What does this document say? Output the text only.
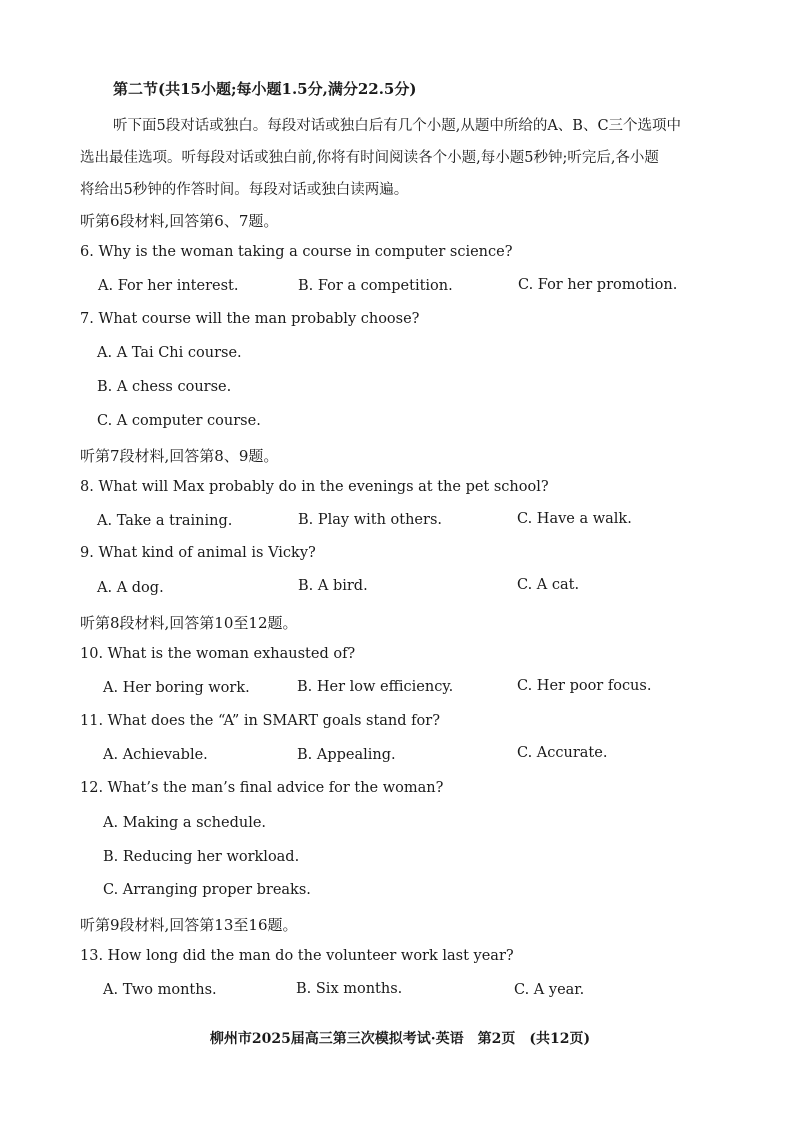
第二节(共15小题;每小题1.5分,满分22.5分)
听下面5段对话或独白。每段对话或独白后有几个小题,从题中所给的A、B、C三个选项中
选出最佳选项。听每段对话或独白前,你将有时间阅读各个小题,每小题5秒钟;听完后,各小题
将给出5秒钟的作答时间。每段对话或独白读两遍。
听第6段材料,回答第6、7题。
6. Why is the woman taking a course in computer science?
A. For her interest.	B. For a competition.	C. For her promotion.
7. What course will the man probably choose?
A. A Tai Chi course.
B. A chess course.
C. A computer course.
听第7段材料,回答第8、9题。
8. What will Max probably do in the evenings at the pet school?
A. Take a training.	B. Play with others.	C. Have a walk.
9. What kind of animal is Vicky?
A. A dog.	B. A bird.	C. A cat.
听第8段材料,回答第10至12题。
10. What is the woman exhausted of?
A. Her boring work.	B. Her low efficiency.	C. Her poor focus.
11. What does the “A” in SMART goals stand for?
A. Achievable.	B. Appealing.	C. Accurate.
12. What’s the man’s final advice for the woman?
A. Making a schedule.
B. Reducing her workload.
C. Arranging proper breaks.
听第9段材料,回答第13至16题。
13. How long did the man do the volunteer work last year?
A. Two months.	B. Six months.	C. A year.
柳州市2025届高三第三次模拟考试·英语　第2页　(共12页)
